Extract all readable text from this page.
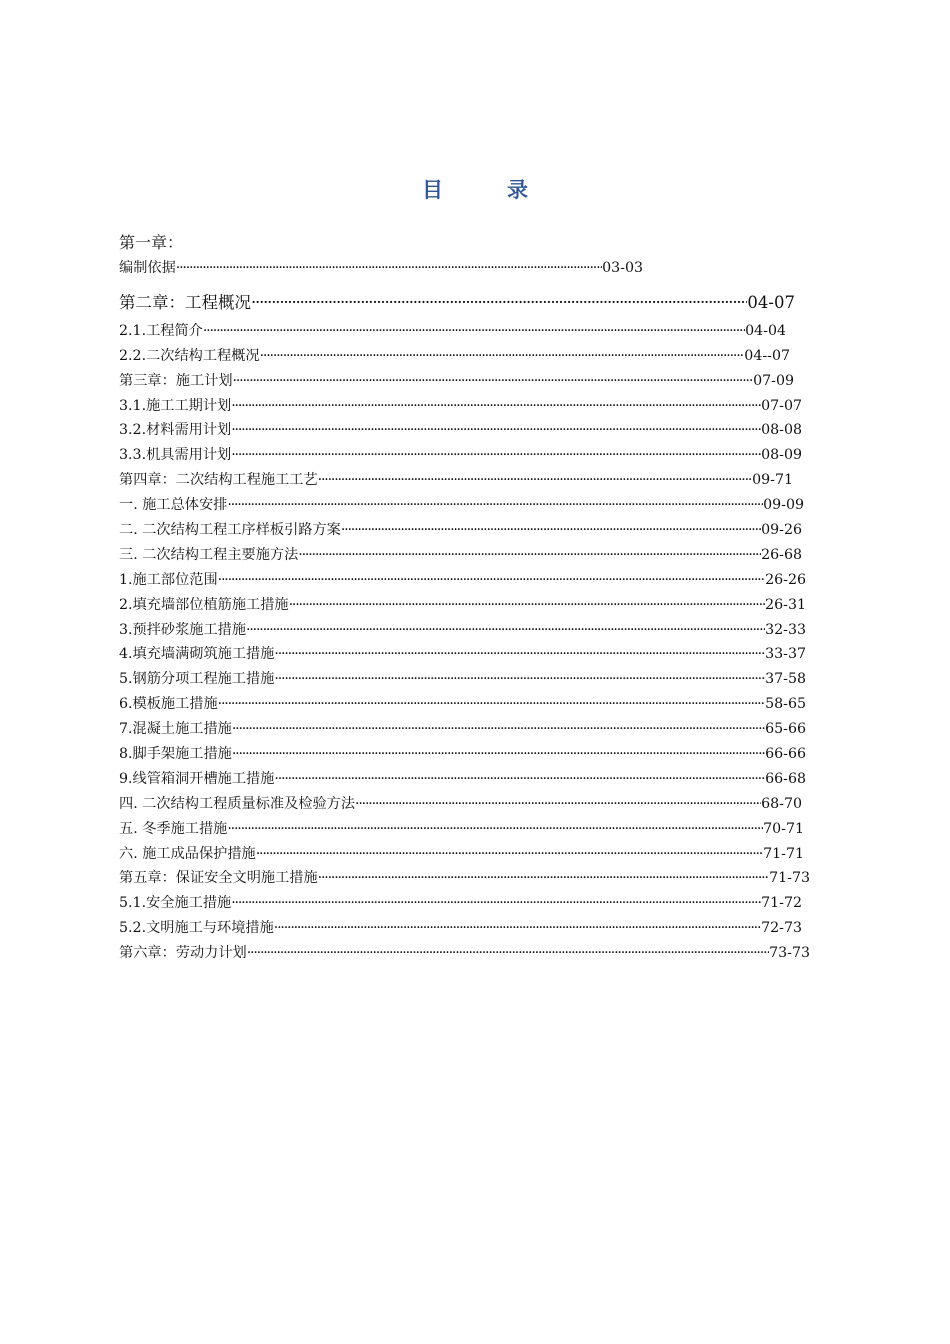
目	录
第一章：
编制依据 ·····	03-03
第二章：工程概况 ·····	04-07
2.1.工程简介 ·····	04-04
2.2.二次结构工程概况 ·····	04--07
第三章：施工计划 ·····	07-09
3.1.施工工期计划 ·····	07-07
3.2.材料需用计划 ·····	08-08
3.3.机具需用计划 ·····	08-09
第四章：二次结构工程施工工艺 ·····	09-71
一. 施工总体安排 ·····	09-09
二. 二次结构工程工序样板引路方案 ·····	09-26
三. 二次结构工程主要施方法 ·····	26-68
1.施工部位范围 ·····	26-26
2.填充墙部位植筋施工措施 ·····	26-31
3.预拌砂浆施工措施 ·····	32-33
4.填充墙满砌筑施工措施 ·····	33-37
5.钢筋分项工程施工措施 ·····	37-58
6.模板施工措施 ·····	58-65
7.混凝土施工措施 ·····	65-66
8.脚手架施工措施 ·····	66-66
9.线管箱洞开槽施工措施 ·····	66-68
四. 二次结构工程质量标准及检验方法 ·····	68-70
五. 冬季施工措施 ·····	70-71
六. 施工成品保护措施 ·····	71-71
第五章：保证安全文明施工措施 ·····	71-73
5.1.安全施工措施 ·····	71-72
5.2.文明施工与环境措施 ·····	72-73
第六章：劳动力计划 ·····	73-73
